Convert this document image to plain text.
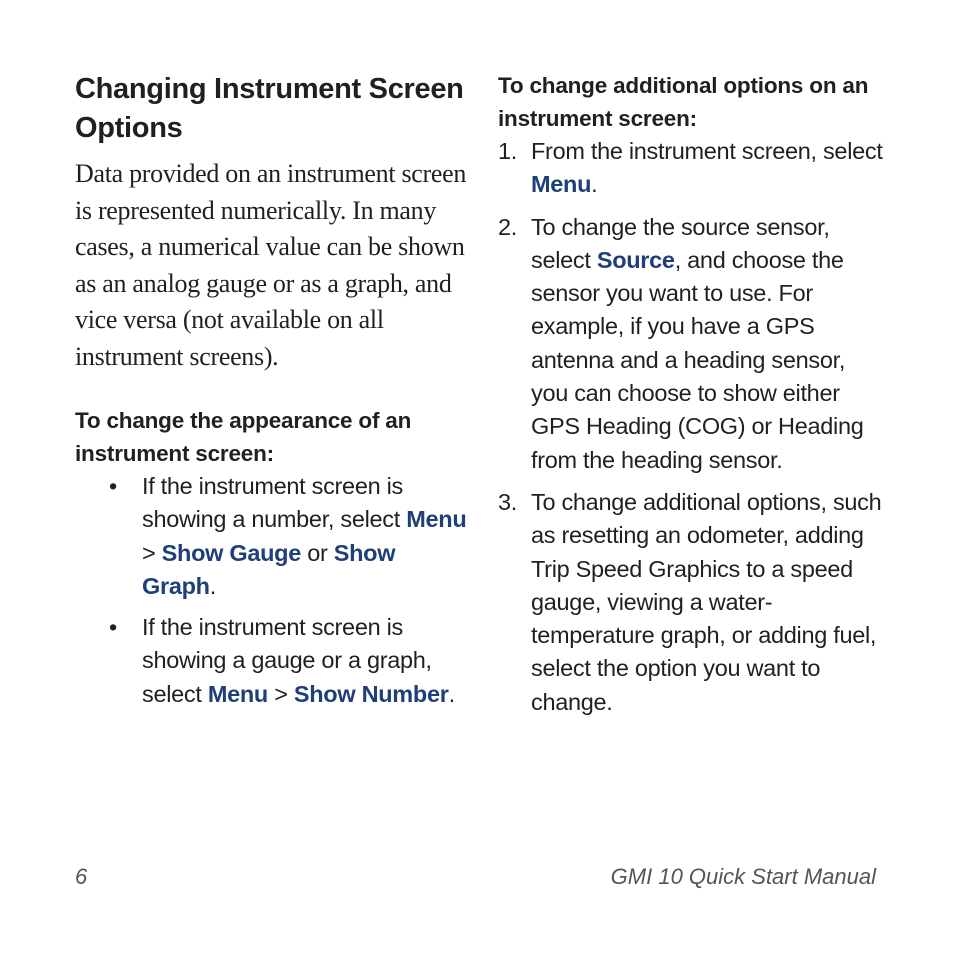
Changing Instrument Screen Options

Data provided on an instrument screen is represented numerically. In many cases, a numerical value can be shown as an analog gauge or as a graph, and vice versa (not available on all instrument screens).

To change the appearance of an instrument screen:

• If the instrument screen is showing a number, select Menu > Show Gauge or Show Graph.
• If the instrument screen is showing a gauge or a graph, select Menu > Show Number.

To change additional options on an instrument screen:

1. From the instrument screen, select Menu.
2. To change the source sensor, select Source, and choose the sensor you want to use. For example, if you have a GPS antenna and a heading sensor, you can choose to show either GPS Heading (COG) or Heading from the heading sensor.
3. To change additional options, such as resetting an odometer, adding Trip Speed Graphics to a speed gauge, viewing a water-temperature graph, or adding fuel, select the option you want to change.
6	GMI 10 Quick Start Manual
